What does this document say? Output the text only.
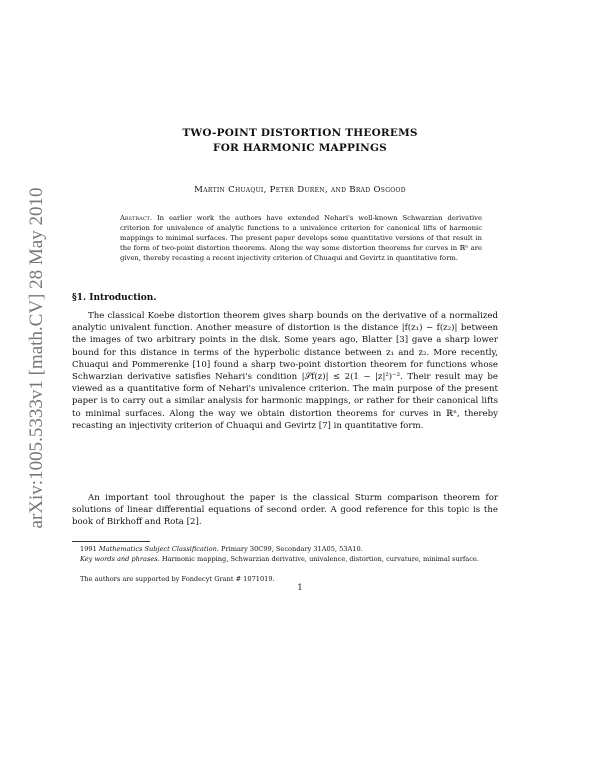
arXiv:1005.5333v1 [math.CV] 28 May 2010
TWO-POINT DISTORTION THEOREMS
FOR HARMONIC MAPPINGS
Martin Chuaqui, Peter Duren, and Brad Osgood
Abstract. In earlier work the authors have extended Nehari's well-known Schwarzian derivative criterion for univalence of analytic functions to a univalence criterion for canonical lifts of harmonic mappings to minimal surfaces. The present paper develops some quantitative versions of that result in the form of two-point distortion theorems. Along the way some distortion theorems for curves in ℝⁿ are given, thereby recasting a recent injectivity criterion of Chuaqui and Gevirtz in quantitative form.
§1. Introduction.
The classical Koebe distortion theorem gives sharp bounds on the derivative of a normalized analytic univalent function. Another measure of distortion is the distance |f(z₁) − f(z₂)| between the images of two arbitrary points in the disk. Some years ago, Blatter [3] gave a sharp lower bound for this distance in terms of the hyperbolic distance between z₁ and z₂. More recently, Chuaqui and Pommerenke [10] found a sharp two-point distortion theorem for functions whose Schwarzian derivative satisfies Nehari's condition |𝒮f(z)| ≤ 2(1 − |z|²)⁻². Their result may be viewed as a quantitative form of Nehari's univalence criterion. The main purpose of the present paper is to carry out a similar analysis for harmonic mappings, or rather for their canonical lifts to minimal surfaces. Along the way we obtain distortion theorems for curves in ℝⁿ, thereby recasting an injectivity criterion of Chuaqui and Gevirtz [7] in quantitative form.
An important tool throughout the paper is the classical Sturm comparison theorem for solutions of linear differential equations of second order. A good reference for this topic is the book of Birkhoff and Rota [2].
1991 Mathematics Subject Classification. Primary 30C99, Secondary 31A05, 53A10.
Key words and phrases. Harmonic mapping, Schwarzian derivative, univalence, distortion, curvature, minimal surface.
The authors are supported by Fondecyt Grant # 1071019.
1
